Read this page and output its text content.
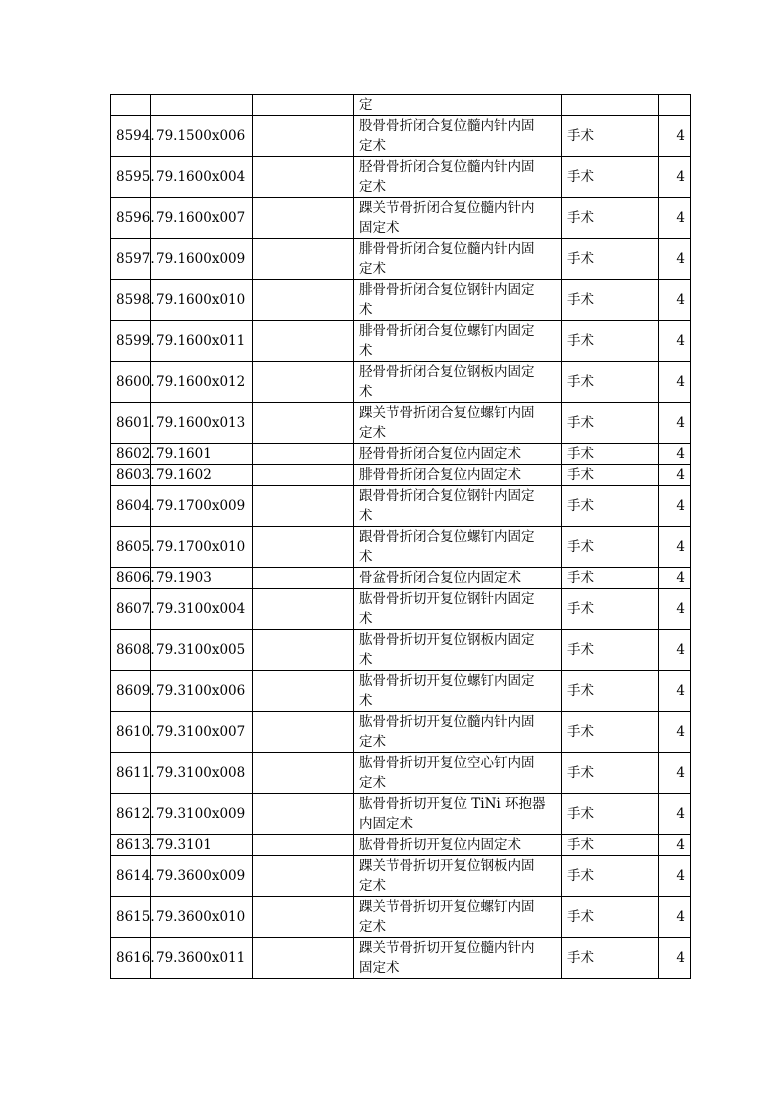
			定		

8594.	79.1500x006		股骨骨折闭合复位髓内针内固
定术	手术	4
8595.	79.1600x004		胫骨骨折闭合复位髓内针内固
定术	手术	4
8596.	79.1600x007		踝关节骨折闭合复位髓内针内
固定术	手术	4
8597.	79.1600x009		腓骨骨折闭合复位髓内针内固
定术	手术	4
8598.	79.1600x010		腓骨骨折闭合复位钢针内固定
术	手术	4
8599.	79.1600x011		腓骨骨折闭合复位螺钉内固定
术	手术	4
8600.	79.1600x012		胫骨骨折闭合复位钢板内固定
术	手术	4
8601.	79.1600x013		踝关节骨折闭合复位螺钉内固
定术	手术	4
8602.	79.1601		胫骨骨折闭合复位内固定术	手术	4
8603.	79.1602		腓骨骨折闭合复位内固定术	手术	4
8604.	79.1700x009		跟骨骨折闭合复位钢针内固定
术	手术	4
8605.	79.1700x010		跟骨骨折闭合复位螺钉内固定
术	手术	4
8606.	79.1903		骨盆骨折闭合复位内固定术	手术	4
8607.	79.3100x004		肱骨骨折切开复位钢针内固定
术	手术	4
8608.	79.3100x005		肱骨骨折切开复位钢板内固定
术	手术	4
8609.	79.3100x006		肱骨骨折切开复位螺钉内固定
术	手术	4
8610.	79.3100x007		肱骨骨折切开复位髓内针内固
定术	手术	4
8611.	79.3100x008		肱骨骨折切开复位空心钉内固
定术	手术	4
8612.	79.3100x009		肱骨骨折切开复位 TiNi 环抱器
内固定术	手术	4
8613.	79.3101		肱骨骨折切开复位内固定术	手术	4
8614.	79.3600x009		踝关节骨折切开复位钢板内固
定术	手术	4
8615.	79.3600x010		踝关节骨折切开复位螺钉内固
定术	手术	4
8616.	79.3600x011		踝关节骨折切开复位髓内针内
固定术	手术	4
